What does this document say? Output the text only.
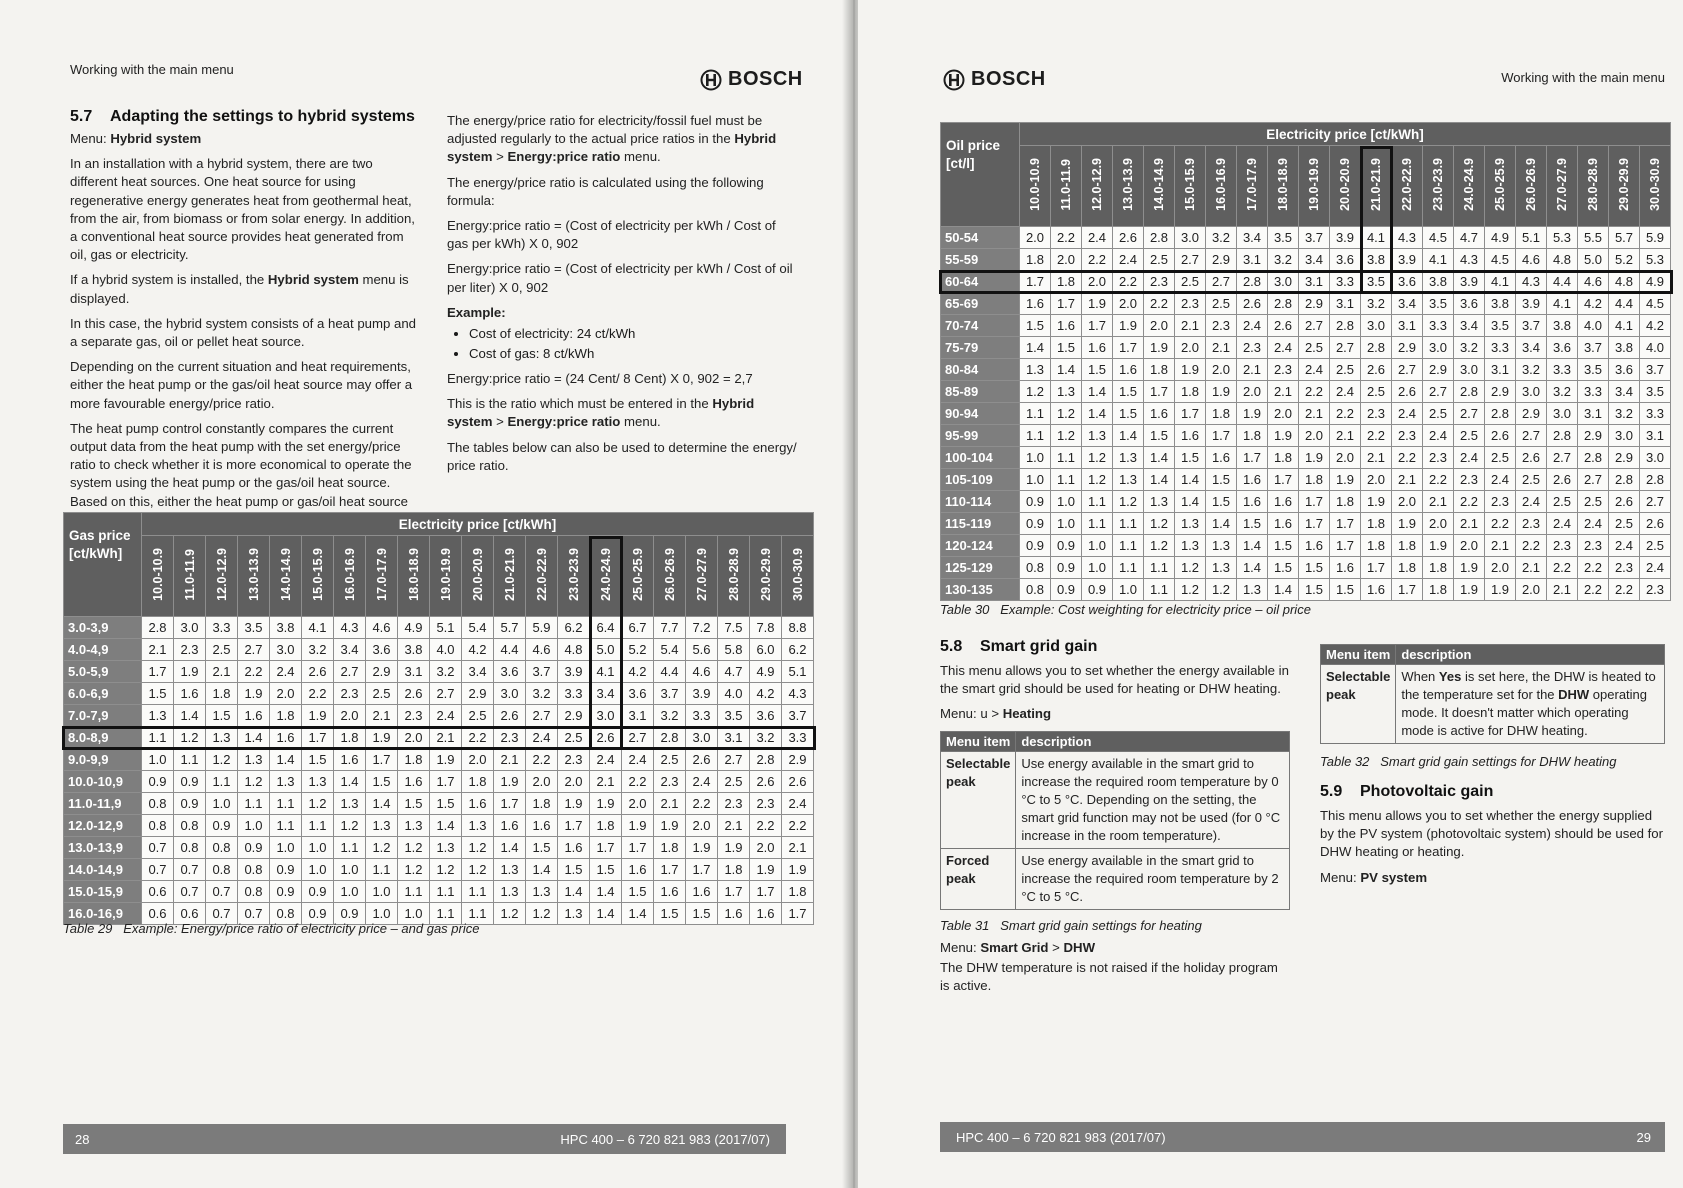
Working with the main menu	BOSCH
5.7 Adapting the settings to hybrid systems

Menu: Hybrid system

In an installation with a hybrid system, there are two different heat sources. One heat source for using regenerative energy generates heat from geothermal heat, from the air, from biomass or from solar energy. In addition, a conventional heat source provides heat generated from oil, gas or electricity.

If a hybrid system is installed, the Hybrid system menu is displayed.

In this case, the hybrid system consists of a heat pump and a separate gas, oil or pellet heat source.

Depending on the current situation and heat requirements, either the heat pump or the gas/oil heat source may offer a more favourable energy/price ratio.

The heat pump control constantly compares the current output data from the heat pump with the set energy/price ratio to check whether it is more economical to operate the system using the heat pump or the gas/oil heat source. Based on this, either the heat pump or gas/oil heat source

The energy/price ratio for electricity/fossil fuel must be adjusted regularly to the actual price ratios in the Hybrid system > Energy:price ratio menu.

The energy/price ratio is calculated using the following formula:

Energy:price ratio = (Cost of electricity per kWh / Cost of gas per kWh) X 0, 902

Energy:price ratio = (Cost of electricity per kWh / Cost of oil per liter) X 0, 902

Example:

• Cost of electricity: 24 ct/kWh
• Cost of gas: 8 ct/kWh

Energy:price ratio = (24 Cent/ 8 Cent) X 0, 902 = 2,7

This is the ratio which must be entered in the Hybrid system > Energy:price ratio menu.

The tables below can also be used to determine the energy/ price ratio.

Gas price [ct/kWh]	Electricity price [ct/kWh]																				
	10.0-10.9	11.0-11.9	12.0-12.9	13.0-13.9	14.0-14.9	15.0-15.9	16.0-16.9	17.0-17.9	18.0-18.9	19.0-19.9	20.0-20.9	21.0-21.9	22.0-22.9	23.0-23.9	24.0-24.9	25.0-25.9	26.0-26.9	27.0-27.9	28.0-28.9	29.0-29.9	30.0-30.9
3.0-3,9	2.8	3.0	3.3	3.5	3.8	4.1	4.3	4.6	4.9	5.1	5.4	5.7	5.9	6.2	6.4	6.7	7.7	7.2	7.5	7.8	8.8
4.0-4,9	2.1	2.3	2.5	2.7	3.0	3.2	3.4	3.6	3.8	4.0	4.2	4.4	4.6	4.8	5.0	5.2	5.4	5.6	5.8	6.0	6.2
5.0-5,9	1.7	1.9	2.1	2.2	2.4	2.6	2.7	2.9	3.1	3.2	3.4	3.6	3.7	3.9	4.1	4.2	4.4	4.6	4.7	4.9	5.1
6.0-6,9	1.5	1.6	1.8	1.9	2.0	2.2	2.3	2.5	2.6	2.7	2.9	3.0	3.2	3.3	3.4	3.6	3.7	3.9	4.0	4.2	4.3
7.0-7,9	1.3	1.4	1.5	1.6	1.8	1.9	2.0	2.1	2.3	2.4	2.5	2.6	2.7	2.9	3.0	3.1	3.2	3.3	3.5	3.6	3.7
8.0-8,9	1.1	1.2	1.3	1.4	1.6	1.7	1.8	1.9	2.0	2.1	2.2	2.3	2.4	2.5	2.6	2.7	2.8	3.0	3.1	3.2	3.3
9.0-9,9	1.0	1.1	1.2	1.3	1.4	1.5	1.6	1.7	1.8	1.9	2.0	2.1	2.2	2.3	2.4	2.4	2.5	2.6	2.7	2.8	2.9
10.0-10,9	0.9	0.9	1.1	1.2	1.3	1.3	1.4	1.5	1.6	1.7	1.8	1.9	2.0	2.0	2.1	2.2	2.3	2.4	2.5	2.6	2.6
11.0-11,9	0.8	0.9	1.0	1.1	1.1	1.2	1.3	1.4	1.5	1.5	1.6	1.7	1.8	1.9	1.9	2.0	2.1	2.2	2.3	2.3	2.4
12.0-12,9	0.8	0.8	0.9	1.0	1.1	1.1	1.2	1.3	1.3	1.4	1.3	1.6	1.6	1.7	1.8	1.9	1.9	2.0	2.1	2.2	2.2
13.0-13,9	0.7	0.8	0.8	0.9	1.0	1.0	1.1	1.2	1.2	1.3	1.2	1.4	1.5	1.6	1.7	1.7	1.8	1.9	1.9	2.0	2.1
14.0-14,9	0.7	0.7	0.8	0.8	0.9	1.0	1.0	1.1	1.2	1.2	1.2	1.3	1.4	1.5	1.5	1.6	1.7	1.7	1.8	1.9	1.9
15.0-15,9	0.6	0.7	0.7	0.8	0.9	0.9	1.0	1.0	1.1	1.1	1.1	1.3	1.3	1.4	1.4	1.5	1.6	1.6	1.7	1.7	1.8
16.0-16,9	0.6	0.6	0.7	0.7	0.8	0.9	0.9	1.0	1.0	1.1	1.1	1.2	1.2	1.3	1.4	1.4	1.5	1.5	1.6	1.6	1.7
Table 29 Example: Energy/price ratio of electricity price – and gas price
28	HPC 400 – 6 720 821 983 (2017/07)
BOSCH	Working with the main menu
Oil price [ct/l]	Electricity price [ct/kWh]																				
	10.0-10.9	11.0-11.9	12.0-12.9	13.0-13.9	14.0-14.9	15.0-15.9	16.0-16.9	17.0-17.9	18.0-18.9	19.0-19.9	20.0-20.9	21.0-21.9	22.0-22.9	23.0-23.9	24.0-24.9	25.0-25.9	26.0-26.9	27.0-27.9	28.0-28.9	29.0-29.9	30.0-30.9
50-54	2.0	2.2	2.4	2.6	2.8	3.0	3.2	3.4	3.5	3.7	3.9	4.1	4.3	4.5	4.7	4.9	5.1	5.3	5.5	5.7	5.9
55-59	1.8	2.0	2.2	2.4	2.5	2.7	2.9	3.1	3.2	3.4	3.6	3.8	3.9	4.1	4.3	4.5	4.6	4.8	5.0	5.2	5.3
60-64	1.7	1.8	2.0	2.2	2.3	2.5	2.7	2.8	3.0	3.1	3.3	3.5	3.6	3.8	3.9	4.1	4.3	4.4	4.6	4.8	4.9
65-69	1.6	1.7	1.9	2.0	2.2	2.3	2.5	2.6	2.8	2.9	3.1	3.2	3.4	3.5	3.6	3.8	3.9	4.1	4.2	4.4	4.5
70-74	1.5	1.6	1.7	1.9	2.0	2.1	2.3	2.4	2.6	2.7	2.8	3.0	3.1	3.3	3.4	3.5	3.7	3.8	4.0	4.1	4.2
75-79	1.4	1.5	1.6	1.7	1.9	2.0	2.1	2.3	2.4	2.5	2.7	2.8	2.9	3.0	3.2	3.3	3.4	3.6	3.7	3.8	4.0
80-84	1.3	1.4	1.5	1.6	1.8	1.9	2.0	2.1	2.3	2.4	2.5	2.6	2.7	2.9	3.0	3.1	3.2	3.3	3.5	3.6	3.7
85-89	1.2	1.3	1.4	1.5	1.7	1.8	1.9	2.0	2.1	2.2	2.4	2.5	2.6	2.7	2.8	2.9	3.0	3.2	3.3	3.4	3.5
90-94	1.1	1.2	1.4	1.5	1.6	1.7	1.8	1.9	2.0	2.1	2.2	2.3	2.4	2.5	2.7	2.8	2.9	3.0	3.1	3.2	3.3
95-99	1.1	1.2	1.3	1.4	1.5	1.6	1.7	1.8	1.9	2.0	2.1	2.2	2.3	2.4	2.5	2.6	2.7	2.8	2.9	3.0	3.1
100-104	1.0	1.1	1.2	1.3	1.4	1.5	1.6	1.7	1.8	1.9	2.0	2.1	2.2	2.3	2.4	2.5	2.6	2.7	2.8	2.9	3.0
105-109	1.0	1.1	1.2	1.3	1.4	1.4	1.5	1.6	1.7	1.8	1.9	2.0	2.1	2.2	2.3	2.4	2.5	2.6	2.7	2.8	2.8
110-114	0.9	1.0	1.1	1.2	1.3	1.4	1.5	1.6	1.6	1.7	1.8	1.9	2.0	2.1	2.2	2.3	2.4	2.5	2.5	2.6	2.7
115-119	0.9	1.0	1.1	1.1	1.2	1.3	1.4	1.5	1.6	1.7	1.7	1.8	1.9	2.0	2.1	2.2	2.3	2.4	2.4	2.5	2.6
120-124	0.9	0.9	1.0	1.1	1.2	1.3	1.3	1.4	1.5	1.6	1.7	1.8	1.8	1.9	2.0	2.1	2.2	2.3	2.3	2.4	2.5
125-129	0.8	0.9	1.0	1.1	1.1	1.2	1.3	1.4	1.5	1.5	1.6	1.7	1.8	1.8	1.9	2.0	2.1	2.2	2.2	2.3	2.4
130-135	0.8	0.9	0.9	1.0	1.1	1.2	1.2	1.3	1.4	1.5	1.5	1.6	1.7	1.8	1.9	1.9	2.0	2.1	2.2	2.2	2.3
Table 30 Example: Cost weighting for electricity price – oil price
5.8 Smart grid gain

This menu allows you to set whether the energy available in the smart grid should be used for heating or DHW heating.

Menu: u > Heating

Menu item	description
Selectable
peak	Use energy available in the smart grid to increase the required room temperature by 0 °C to 5 °C. Depending on the setting, the smart grid function may not be used (for 0 °C increase in the room temperature).
Forced
peak	Use energy available in the smart grid to increase the required room temperature by 2 °C to 5 °C.
Table 31 Smart grid gain settings for heating

Menu: Smart Grid > DHW

The DHW temperature is not raised if the holiday program is active.

Menu item	description
Selectable
peak	When Yes is set here, the DHW is heated to the temperature set for the DHW operating mode. It doesn't matter which operating mode is active for DHW heating.
Table 32 Smart grid gain settings for DHW heating
5.9 Photovoltaic gain

This menu allows you to set whether the energy supplied by the PV system (photovoltaic system) should be used for DHW heating or heating.

Menu: PV system

HPC 400 – 6 720 821 983 (2017/07)	29
